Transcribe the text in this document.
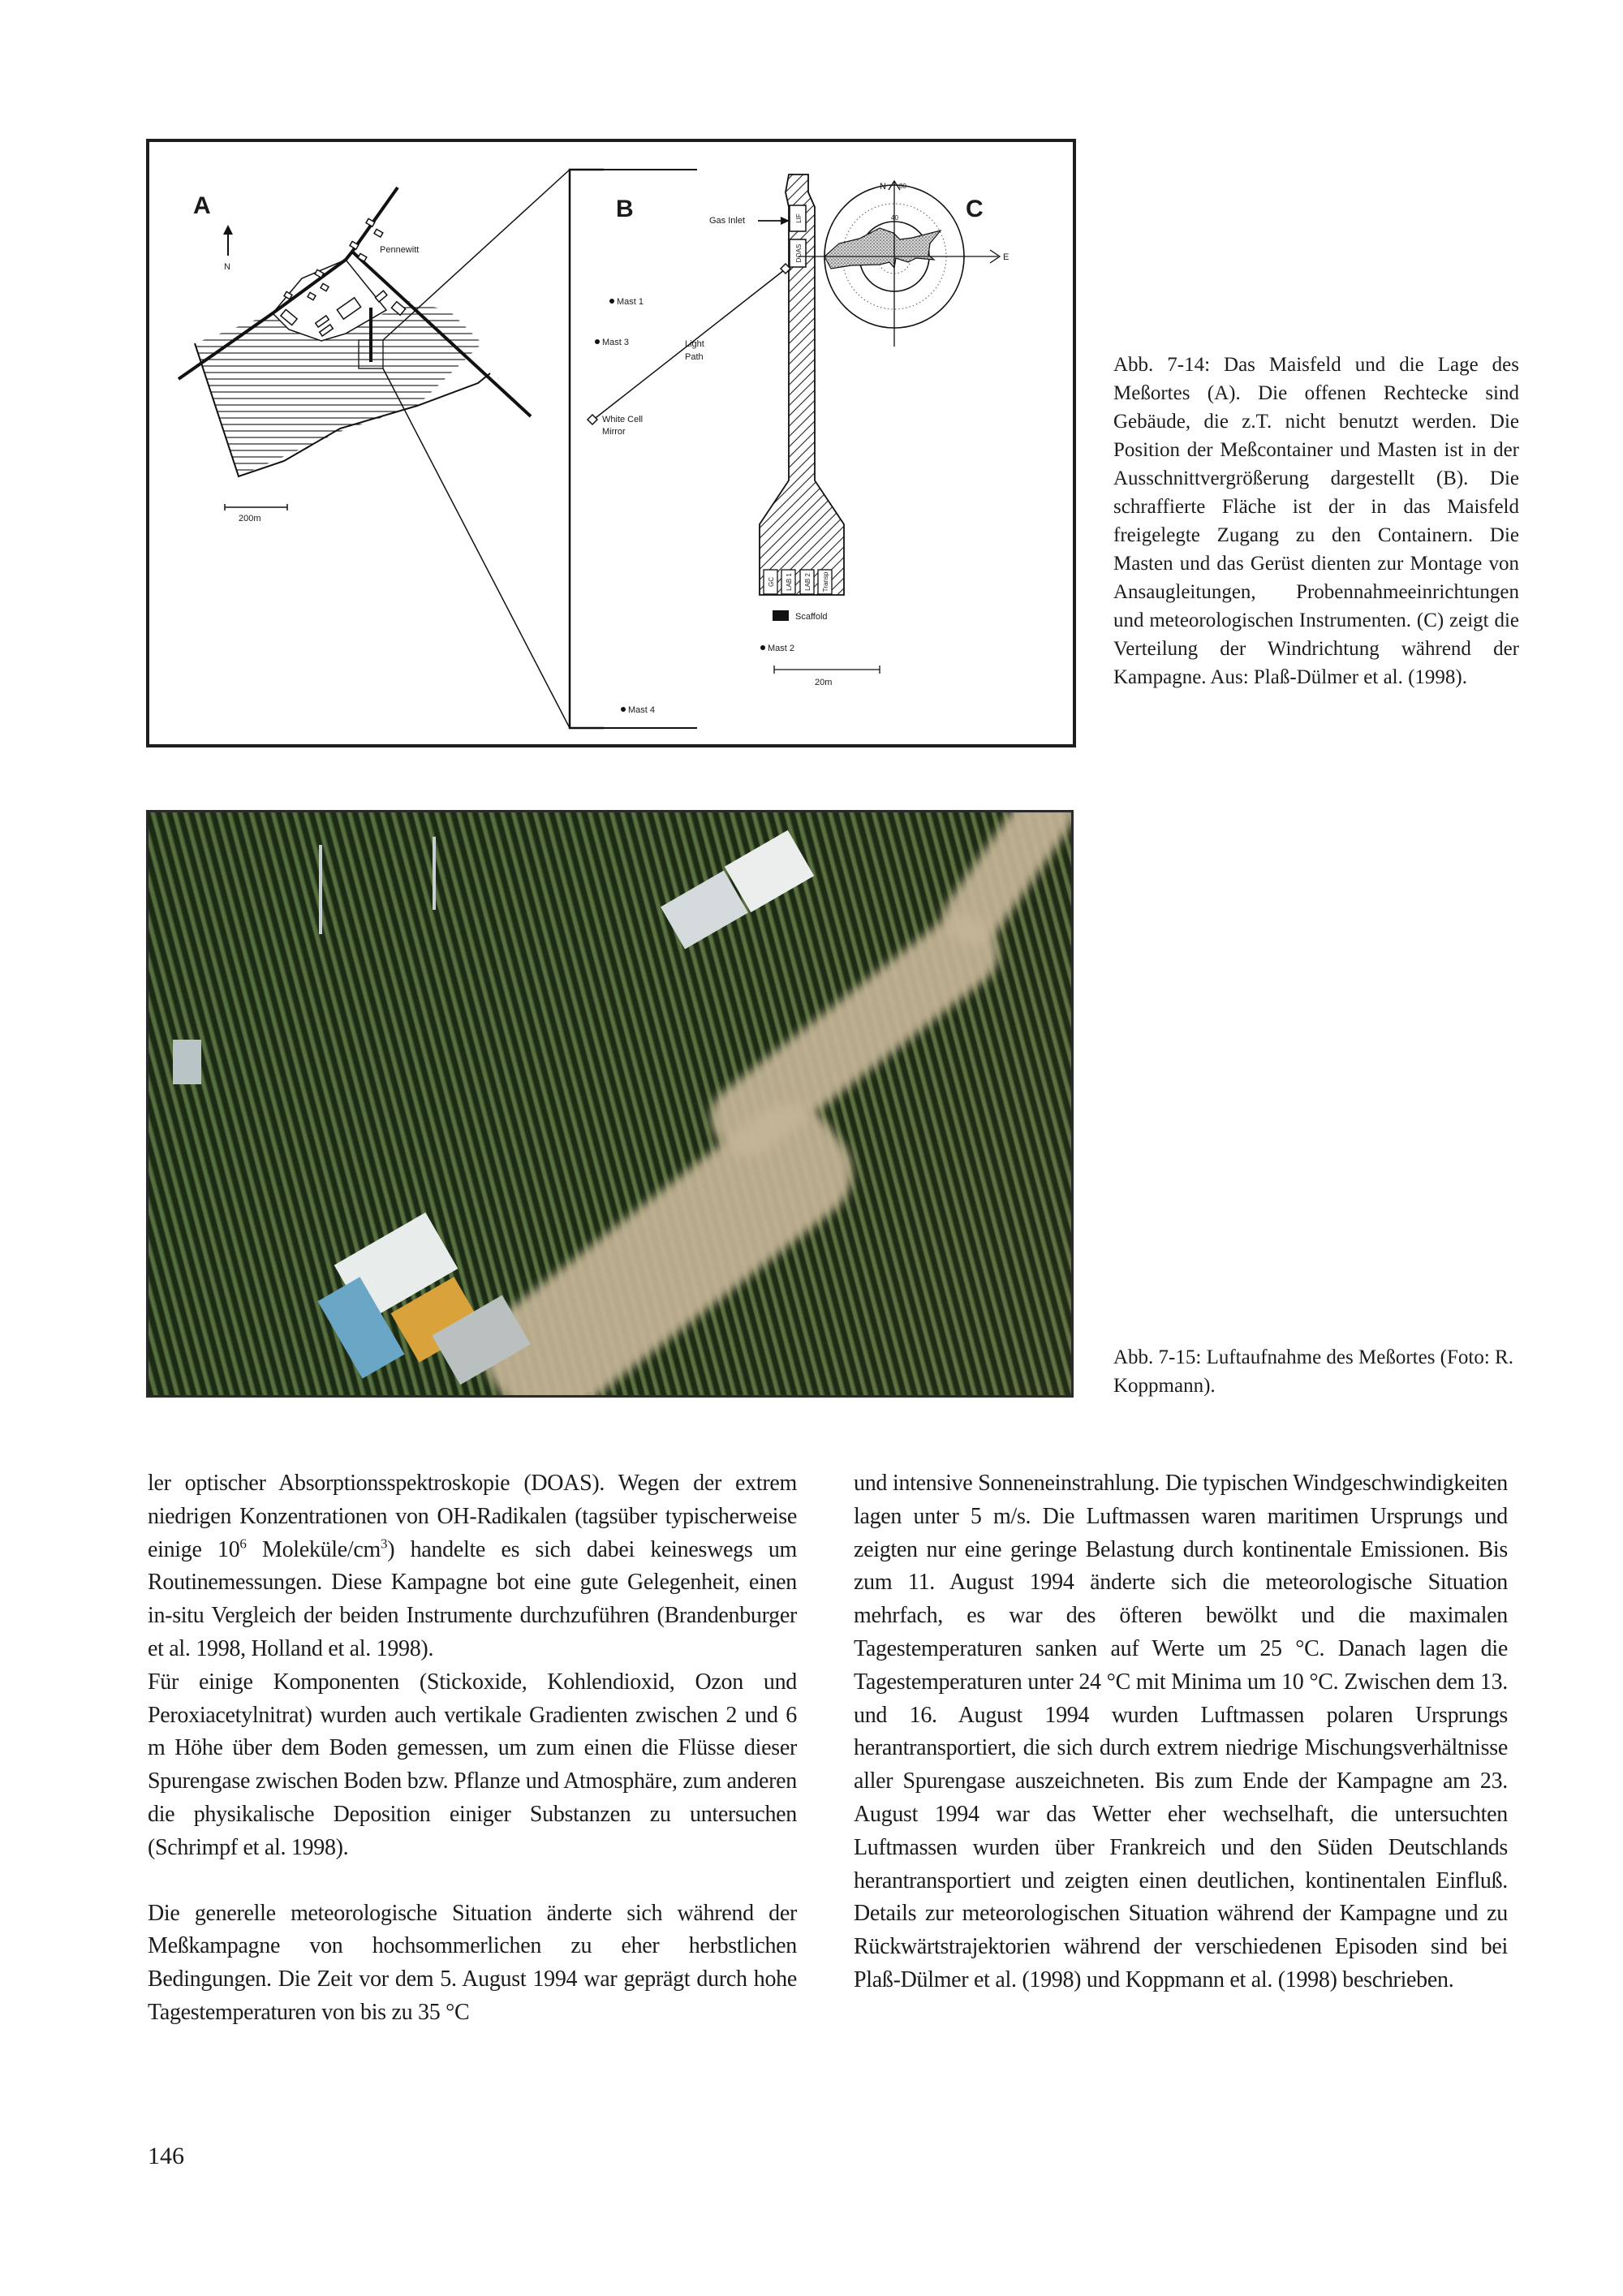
A
N
Pennewitt
200m
B	LIF
DOAS
GC LAB 1 LAB 2 Transp
Gas Inlet
Light
Path
White Cell
Mirror
Mast 1
Mast 3
Mast 2
Mast 4
Scaffold
20m
C
E
N 80
40
Abb. 7-14: Das Maisfeld und die Lage des Meßortes (A). Die offenen Rechtecke sind Gebäude, die z.T. nicht benutzt werden. Die Position der Meßcontainer und Masten ist in der Ausschnittvergrößerung dargestellt (B). Die schraffierte Fläche ist der in das Maisfeld freigelegte Zugang zu den Containern. Die Masten und das Gerüst dienten zur Montage von Ansaugleitungen, Probennahmeeinrichtungen und meteorologischen Instrumenten. (C) zeigt die Verteilung der Windrichtung während der Kampagne. Aus: Plaß-Dülmer et al. (1998).
Abb. 7-15: Luftaufnahme des Meßortes (Foto: R. Koppmann).

ler optischer Absorptionsspektroskopie (DOAS). Wegen der extrem niedrigen Konzentrationen von OH-Radikalen (tagsüber typischerweise einige $10^6$ Moleküle/$cm^3$) handelte es sich dabei keineswegs um Routinemessungen. Diese Kampagne bot eine gute Gelegenheit, einen in-situ Vergleich der beiden Instrumente durchzuführen (Brandenburger et al. 1998, Holland et al. 1998).

Für einige Komponenten (Stickoxide, Kohlendioxid, Ozon und Peroxiacetylnitrat) wurden auch vertikale Gradienten zwischen 2 und 6 m Höhe über dem Boden gemessen, um zum einen die Flüsse dieser Spurengase zwischen Boden bzw. Pflanze und Atmosphäre, zum anderen die physikalische Deposition einiger Substanzen zu untersuchen (Schrimpf et al. 1998).

Die generelle meteorologische Situation änderte sich während der Meßkampagne von hochsommerlichen zu eher herbstlichen Bedingungen. Die Zeit vor dem 5. August 1994 war geprägt durch hohe Tagestemperaturen von bis zu 35 °C

und intensive Sonneneinstrahlung. Die typischen Windgeschwindigkeiten lagen unter 5 m/s. Die Luftmassen waren maritimen Ursprungs und zeigten nur eine geringe Belastung durch kontinentale Emissionen. Bis zum 11. August 1994 änderte sich die meteorologische Situation mehrfach, es war des öfteren bewölkt und die maximalen Tagestemperaturen sanken auf Werte um 25 °C. Danach lagen die Tagestemperaturen unter 24 °C mit Minima um 10 °C. Zwischen dem 13. und 16. August 1994 wurden Luftmassen polaren Ursprungs herantransportiert, die sich durch extrem niedrige Mischungsverhältnisse aller Spurengase auszeichneten. Bis zum Ende der Kampagne am 23. August 1994 war das Wetter eher wechselhaft, die untersuchten Luftmassen wurden über Frankreich und den Süden Deutschlands herantransportiert und zeigten einen deutlichen, kontinentalen Einfluß. Details zur meteorologischen Situation während der Kampagne und zu Rückwärtstrajektorien während der verschiedenen Episoden sind bei Plaß-Dülmer et al. (1998) und Koppmann et al. (1998) beschrieben.

146
